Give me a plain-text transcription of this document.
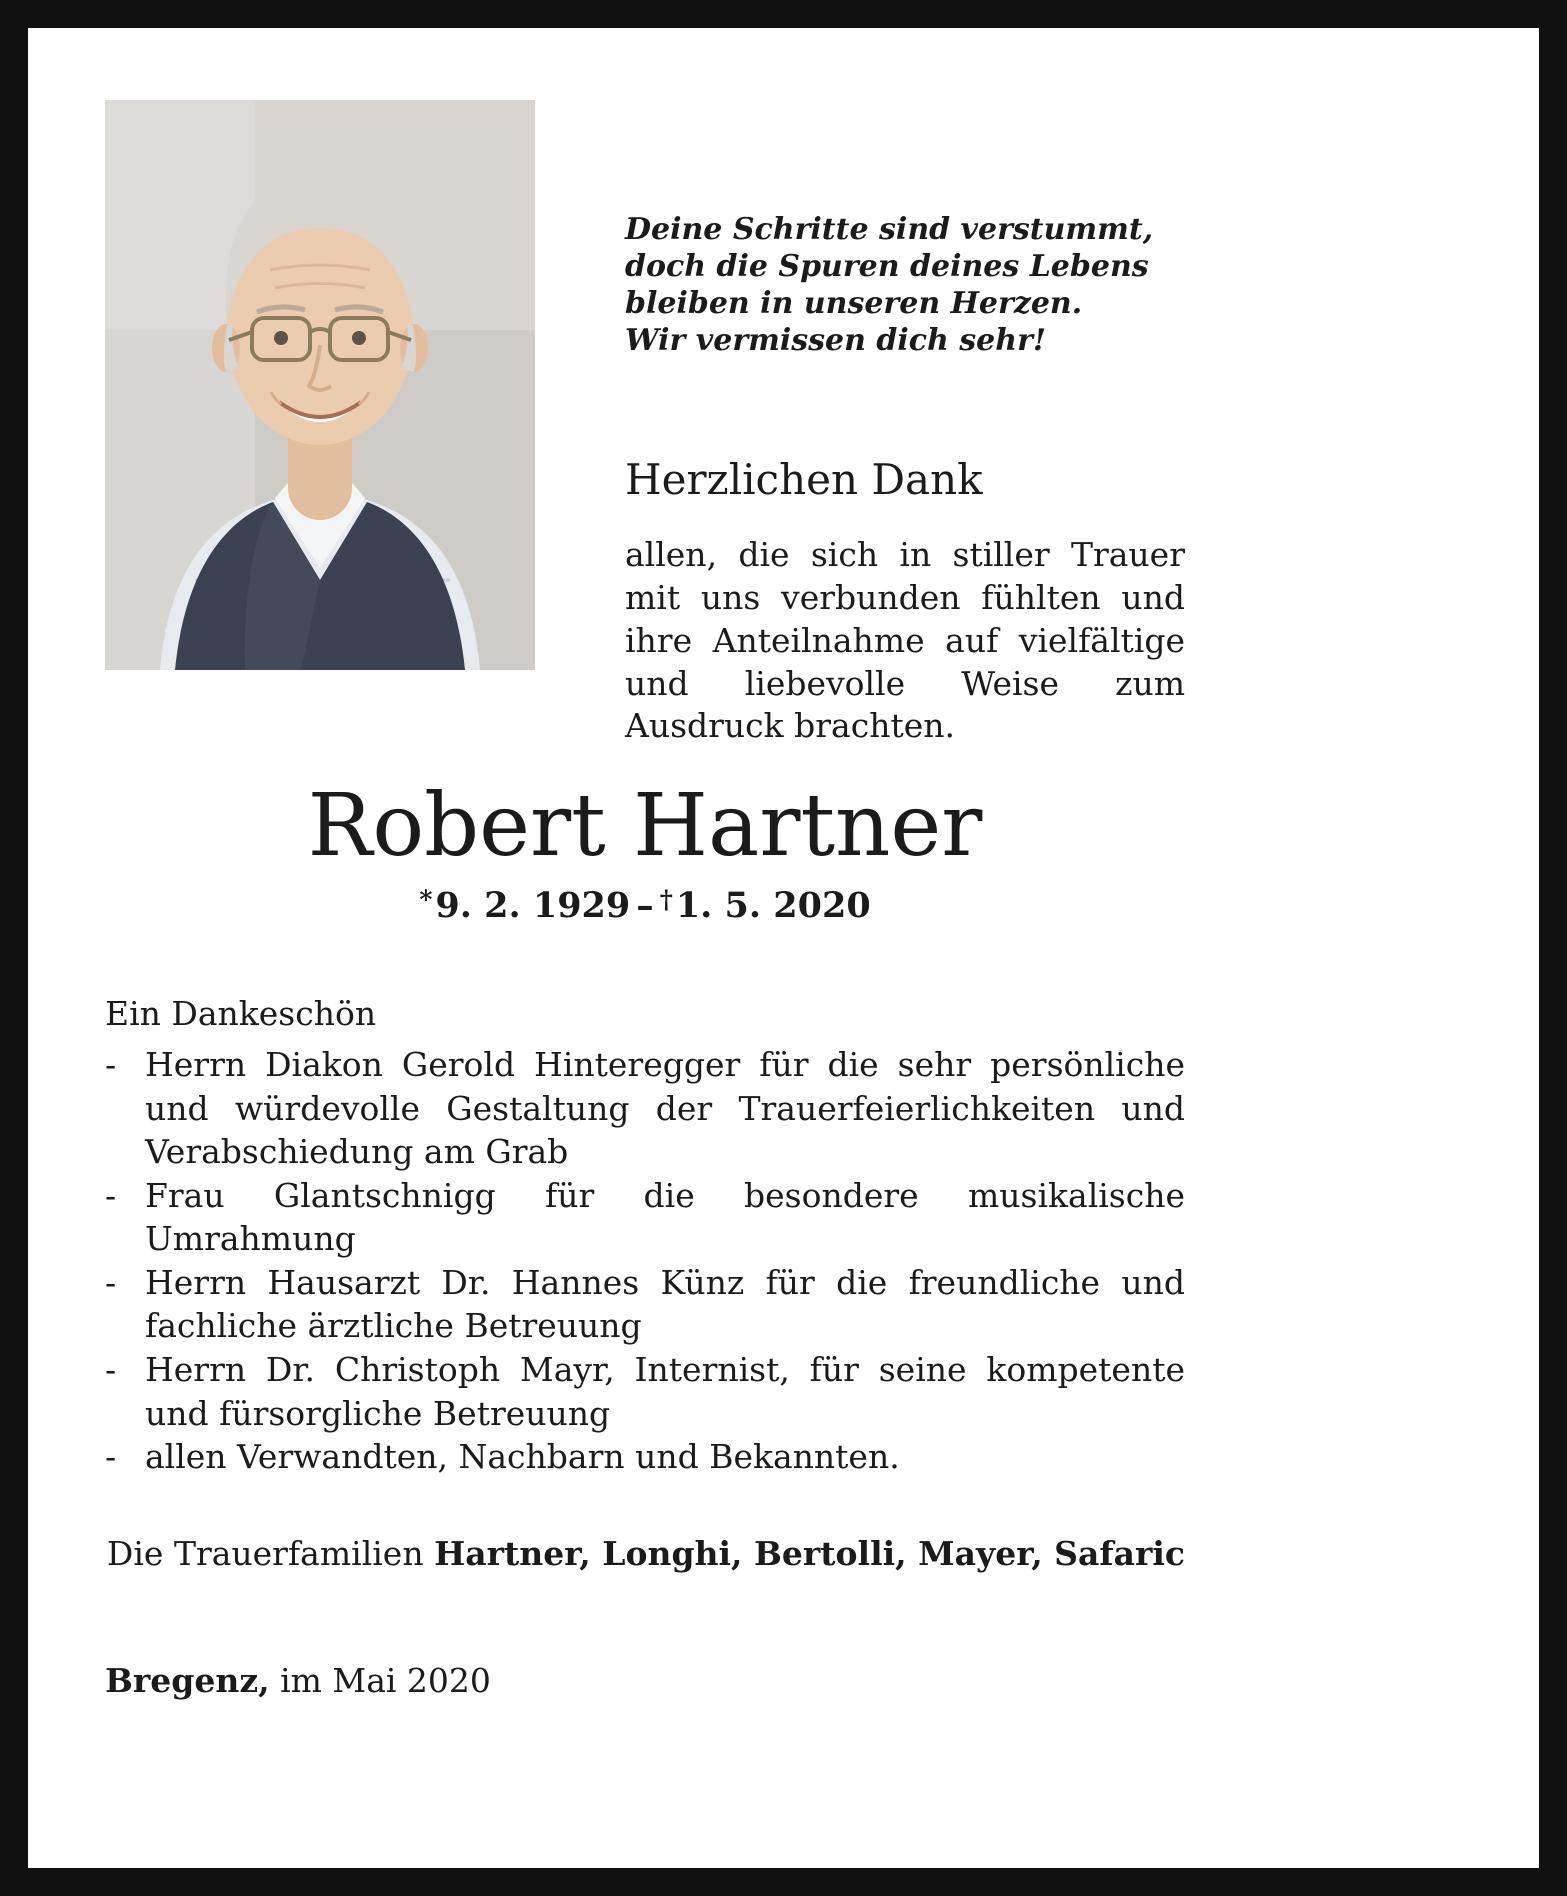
Deine Schritte sind verstummt,
doch die Spuren deines Lebens
bleiben in unseren Herzen.
Wir vermissen dich sehr!
Herzlichen Dank
allen, die sich in stiller Trauer mit uns verbunden fühlten und ihre Anteilnahme auf vielfältige und liebevolle Weise zum Ausdruck brachten.
Robert Hartner
*9. 2. 1929 – †1. 5. 2020
Ein Dankeschön
- Herrn Diakon Gerold Hinteregger für die sehr persönliche und würdevolle Gestaltung der Trauerfeierlichkeiten und Verabschiedung am Grab
- Frau Glantschnigg für die besondere musikalische Umrahmung
- Herrn Hausarzt Dr. Hannes Künz für die freundliche und fachliche ärztliche Betreuung
- Herrn Dr. Christoph Mayr, Internist, für seine kompetente und fürsorgliche Betreuung
- allen Verwandten, Nachbarn und Bekannten.
Die Trauerfamilien Hartner, Longhi, Bertolli, Mayer, Safaric
Bregenz, im Mai 2020
